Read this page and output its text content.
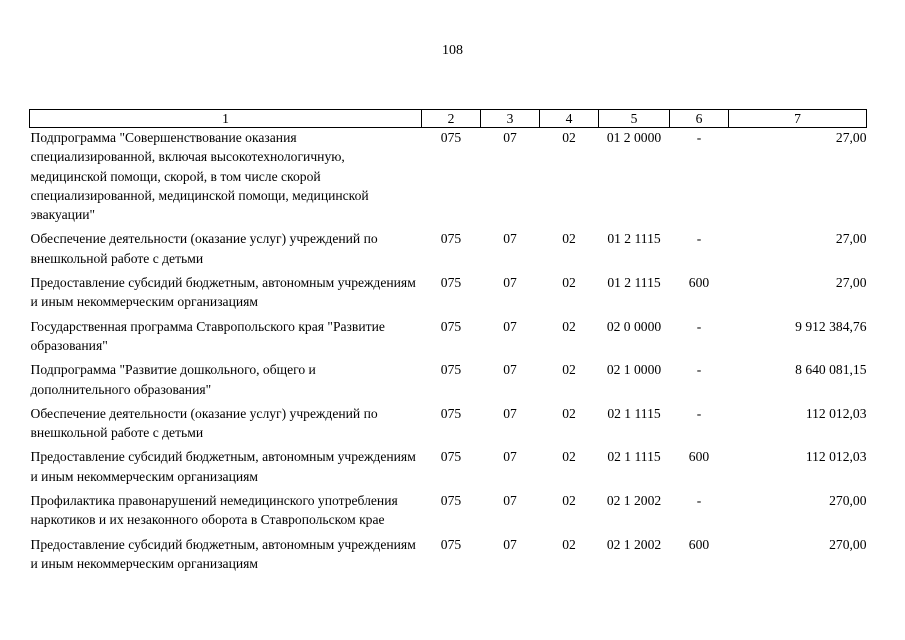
108
1	2	3	4	5	6	7
Подпрограмма "Совершенствование оказания специализированной, включая высокотехнологичную, медицинской помощи, скорой, в том числе скорой специализированной, медицинской помощи, медицинской эвакуации"	075	07	02	01 2 0000	-	27,00
Обеспечение деятельности (оказание услуг) учреждений по внешкольной работе с детьми	075	07	02	01 2 1115	-	27,00
Предоставление субсидий бюджетным, автономным учреждениям и иным некоммерческим организациям	075	07	02	01 2 1115	600	27,00
Государственная программа Ставропольского края "Развитие образования"	075	07	02	02 0 0000	-	9 912 384,76
Подпрограмма "Развитие дошкольного, общего и дополнительного образования"	075	07	02	02 1 0000	-	8 640 081,15
Обеспечение деятельности (оказание услуг) учреждений по внешкольной работе с детьми	075	07	02	02 1 1115	-	112 012,03
Предоставление субсидий бюджетным, автономным учреждениям и иным некоммерческим организациям	075	07	02	02 1 1115	600	112 012,03
Профилактика правонарушений немедицинского употребления наркотиков и их незаконного оборота в Ставропольском крае	075	07	02	02 1 2002	-	270,00
Предоставление субсидий бюджетным, автономным учреждениям и иным некоммерческим организациям	075	07	02	02 1 2002	600	270,00
